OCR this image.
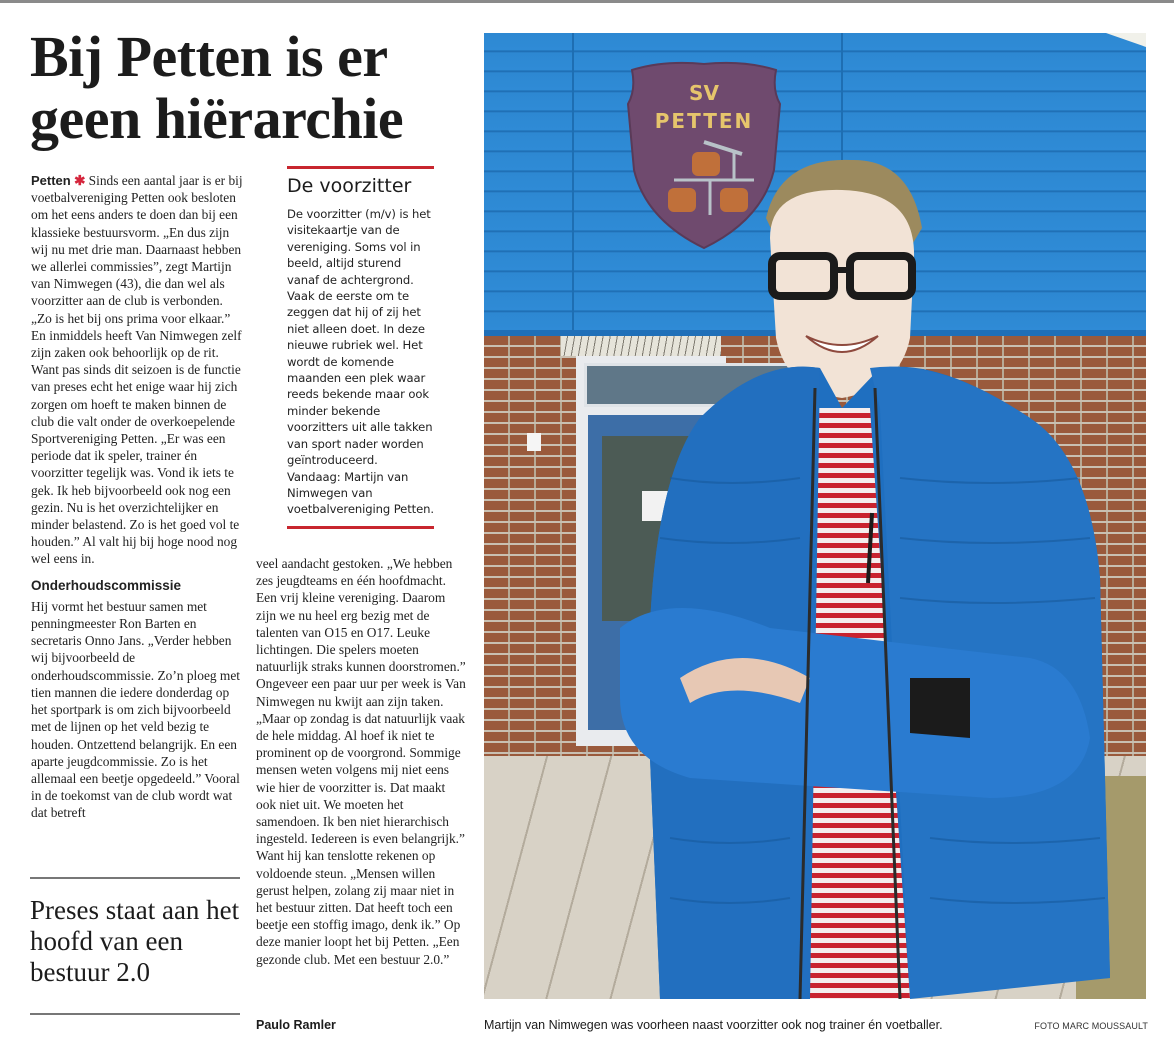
Bij Petten is er geen hiërarchie

Petten ✱ Sinds een aantal jaar is er bij voetbalvereniging Petten ook besloten om het eens anders te doen dan bij een klassieke bestuursvorm. „En dus zijn wij nu met drie man. Daarnaast hebben we allerlei commissies”, zegt Martijn van Nimwegen (43), die dan wel als voorzitter aan de club is verbonden. „Zo is het bij ons prima voor elkaar.”

En inmiddels heeft Van Nimwegen zelf zijn zaken ook behoorlijk op de rit. Want pas sinds dit seizoen is de functie van preses echt het enige waar hij zich zorgen om hoeft te maken binnen de club die valt onder de overkoepelende Sportvereniging Petten. „Er was een periode dat ik speler, trainer én voorzitter tegelijk was. Vond ik iets te gek. Ik heb bijvoorbeeld ook nog een gezin. Nu is het overzichtelijker en minder belastend. Zo is het goed vol te houden.” Al valt hij bij hoge nood nog wel eens in.

Onderhoudscommissie

Hij vormt het bestuur samen met penningmeester Ron Barten en secretaris Onno Jans. „Verder hebben wij bijvoorbeeld de onderhoudscommissie. Zo’n ploeg met tien mannen die iedere donderdag op het sportpark is om zich bijvoorbeeld met de lijnen op het veld bezig te houden. Ontzettend belangrijk. En een aparte jeugdcommissie. Zo is het allemaal een beetje opgedeeld.” Vooral in de toekomst van de club wordt wat dat betreft

De voorzitter
De voorzitter (m/v) is het visitekaartje van de vereniging. Soms vol in beeld, altijd sturend vanaf de achtergrond. Vaak de eerste om te zeggen dat hij of zij het niet alleen doet. In deze nieuwe rubriek wel. Het wordt de komende maanden een plek waar reeds bekende maar ook minder bekende voorzitters uit alle takken van sport nader worden geïntroduceerd. Vandaag: Martijn van Nimwegen van voetbalvereniging Petten.

veel aandacht gestoken. „We hebben zes jeugdteams en één hoofdmacht. Een vrij kleine vereniging. Daarom zijn we nu heel erg bezig met de talenten van O15 en O17. Leuke lichtingen. Die spelers moeten natuurlijk straks kunnen doorstromen.” Ongeveer een paar uur per week is Van Nimwegen nu kwijt aan zijn taken. „Maar op zondag is dat natuurlijk vaak de hele middag. Al hoef ik niet te prominent op de voorgrond. Sommige mensen weten volgens mij niet eens wie hier de voorzitter is. Dat maakt ook niet uit. We moeten het samendoen. Ik ben niet hierarchisch ingesteld. Iedereen is even belangrijk.” Want hij kan tenslotte rekenen op voldoende steun. „Mensen willen gerust helpen, zolang zij maar niet in het bestuur zitten. Dat heeft toch een beetje een stoffig imago, denk ik.” Op deze manier loopt het bij Petten. „Een gezonde club. Met een bestuur 2.0.”

Preses staat aan het hoofd van een bestuur 2.0
Paulo Ramler
SV
PETTEN
Martijn van Nimwegen was voorheen naast voorzitter ook nog trainer én voetballer.	FOTO MARC MOUSSAULT
